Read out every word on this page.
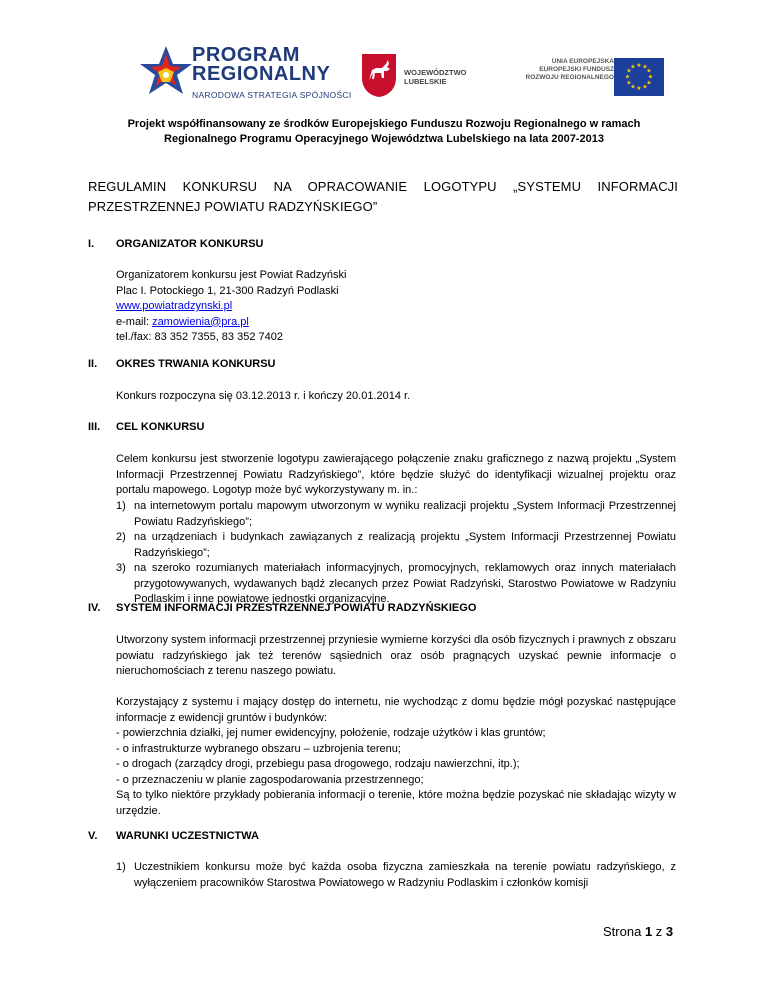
PROGRAM
REGIONALNY
NARODOWA STRATEGIA SPÓJNOŚCI
WOJEWÓDZTWO
LUBELSKIE
UNIA EUROPEJSKA
EUROPEJSKI FUNDUSZ
ROZWOJU REGIONALNEGO
★ ★
★
★
★
★
★
★
★
★
★
★
Projekt współfinansowany ze środków Europejskiego Funduszu Rozwoju Regionalnego w ramach
Regionalnego Programu Operacyjnego Województwa Lubelskiego na lata 2007-2013
REGULAMIN KONKURSU NA OPRACOWANIE LOGOTYPU „SYSTEMU INFORMACJI PRZESTRZENNEJ POWIATU RADZYŃSKIEGO”
I. ORGANIZATOR KONKURSU
Organizatorem konkursu jest Powiat Radzyński
Plac I. Potockiego 1, 21-300 Radzyń Podlaski
www.powiatradzynski.pl
e-mail: zamowienia@pra.pl
tel./fax: 83 352 7355, 83 352 7402
II. OKRES TRWANIA KONKURSU
Konkurs rozpoczyna się 03.12.2013 r. i kończy 20.01.2014 r.
III. CEL KONKURSU
Celem konkursu jest stworzenie logotypu zawierającego połączenie znaku graficznego z nazwą projektu „System Informacji Przestrzennej Powiatu Radzyńskiego”, które będzie służyć do identyfikacji wizualnej projektu oraz portalu mapowego. Logotyp może być wykorzystywany m. in.:
1) na internetowym portalu mapowym utworzonym w wyniku realizacji projektu „System Informacji Przestrzennej Powiatu Radzyńskiego”;
2) na urządzeniach i budynkach zawiązanych z realizacją projektu „System Informacji Przestrzennej Powiatu Radzyńskiego”;
3) na szeroko rozumianych materiałach informacyjnych, promocyjnych, reklamowych oraz innych materiałach przygotowywanych, wydawanych bądź zlecanych przez Powiat Radzyński, Starostwo Powiatowe w Radzyniu Podlaskim i inne powiatowe jednostki organizacyjne.
IV. SYSTEM INFORMACJI PRZESTRZENNEJ POWIATU RADZYŃSKIEGO
Utworzony system informacji przestrzennej przyniesie wymierne korzyści dla osób fizycznych i prawnych z obszaru powiatu radzyńskiego jak też terenów sąsiednich oraz osób pragnących uzyskać pewnie informacje o nieruchomościach z terenu naszego powiatu.
Korzystający z systemu i mający dostęp do internetu, nie wychodząc z domu będzie mógł pozyskać następujące informacje z ewidencji gruntów i budynków:
- powierzchnia działki, jej numer ewidencyjny, położenie, rodzaje użytków i klas gruntów;
- o infrastrukturze wybranego obszaru – uzbrojenia terenu;
- o drogach (zarządcy drogi, przebiegu pasa drogowego, rodzaju nawierzchni, itp.);
- o przeznaczeniu w planie zagospodarowania przestrzennego;
Są to tylko niektóre przykłady pobierania informacji o terenie, które można będzie pozyskać nie składając wizyty w urzędzie.
V. WARUNKI UCZESTNICTWA
1) Uczestnikiem konkursu może być każda osoba fizyczna zamieszkała na terenie powiatu radzyńskiego, z wyłączeniem pracowników Starostwa Powiatowego w Radzyniu Podlaskim i członków komisji
Strona 1 z 3
